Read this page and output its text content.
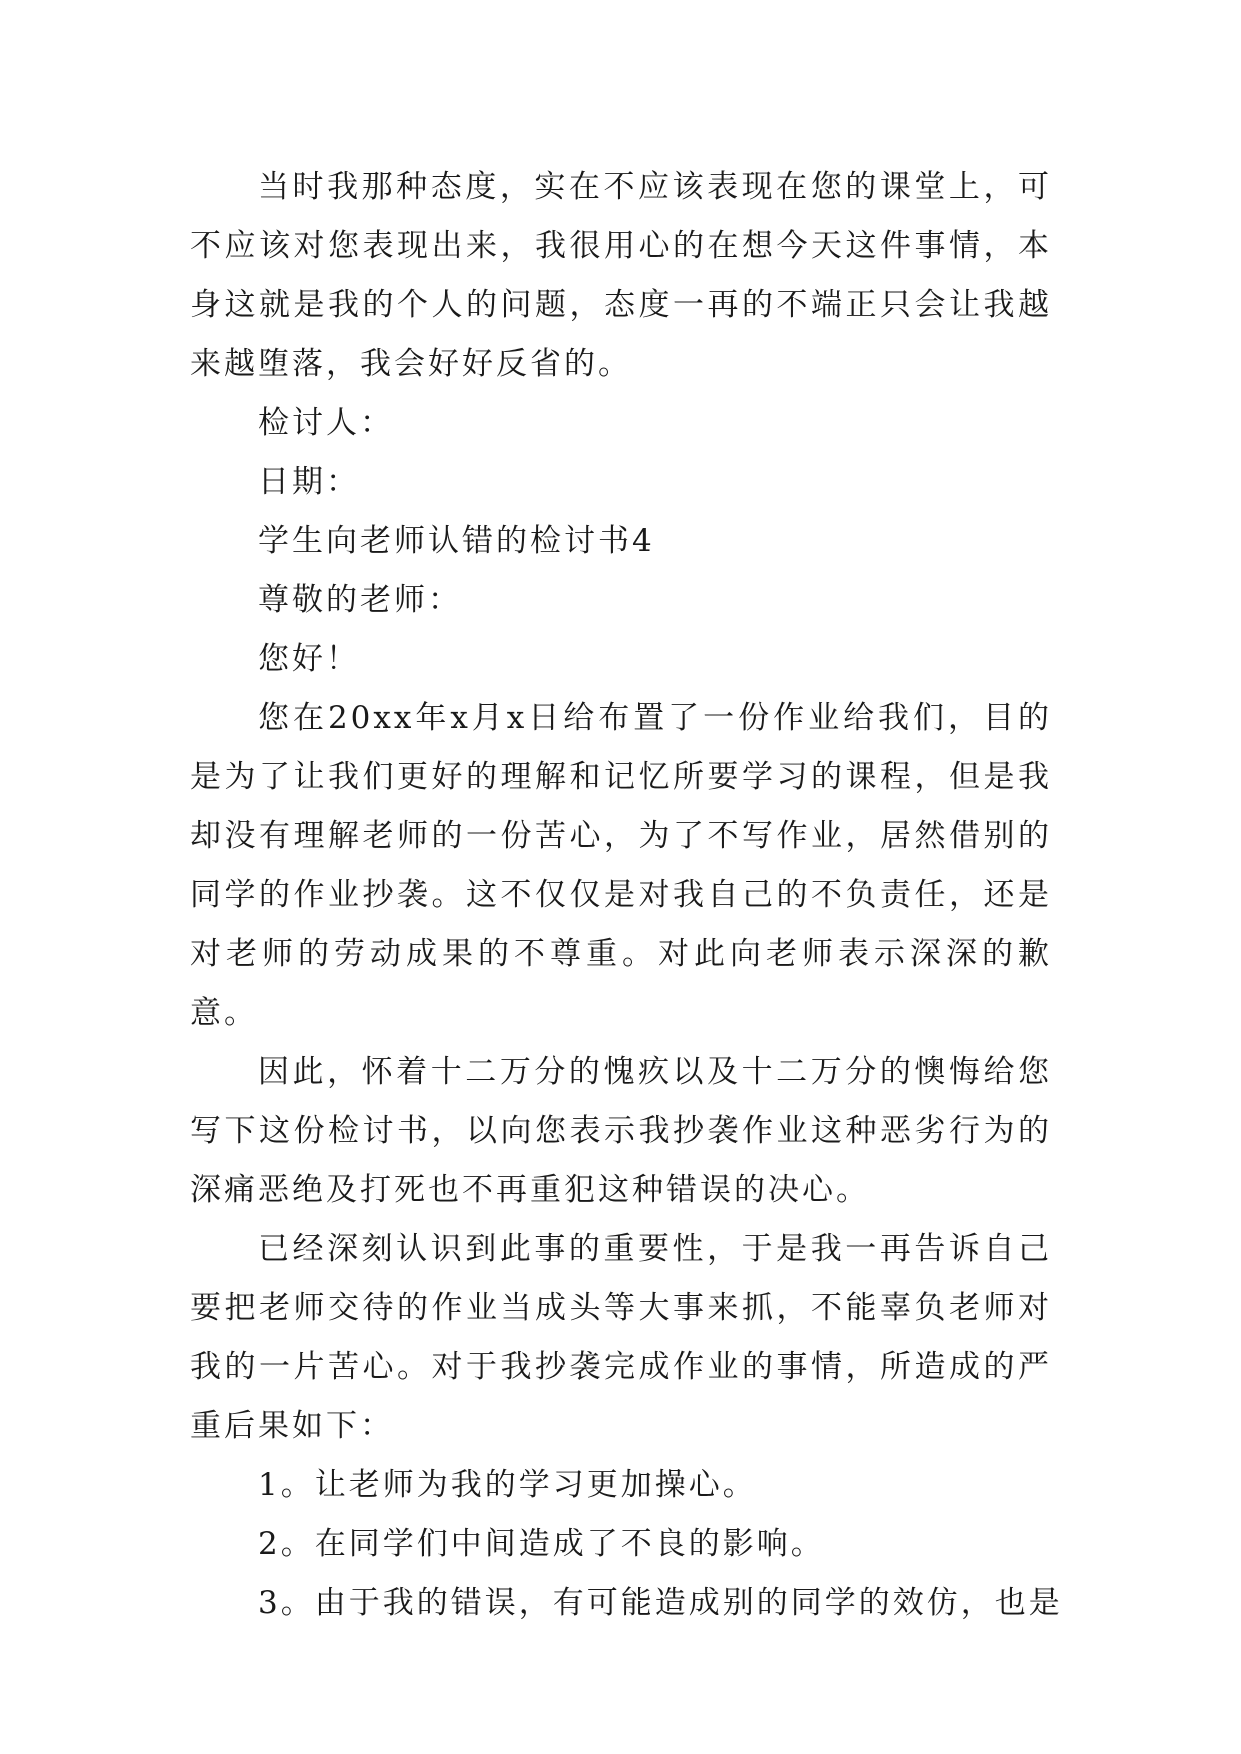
当时我那种态度，实在不应该表现在您的课堂上，可不应该对您表现出来，我很用心的在想今天这件事情，本身这就是我的个人的问题，态度一再的不端正只会让我越来越堕落，我会好好反省的。

检讨人：

日期：

学生向老师认错的检讨书4

尊敬的老师：

您好！

您在20xx年x月x日给布置了一份作业给我们，目的是为了让我们更好的理解和记忆所要学习的课程，但是我却没有理解老师的一份苦心，为了不写作业，居然借别的同学的作业抄袭。这不仅仅是对我自己的不负责任，还是对老师的劳动成果的不尊重。对此向老师表示深深的歉意。

因此，怀着十二万分的愧疚以及十二万分的懊悔给您写下这份检讨书，以向您表示我抄袭作业这种恶劣行为的深痛恶绝及打死也不再重犯这种错误的决心。

已经深刻认识到此事的重要性，于是我一再告诉自己要把老师交待的作业当成头等大事来抓，不能辜负老师对我的一片苦心。对于我抄袭完成作业的事情，所造成的严重后果如下：

1。让老师为我的学习更加操心。

2。在同学们中间造成了不良的影响。

3。由于我的错误，有可能造成别的同学的效仿，也是
